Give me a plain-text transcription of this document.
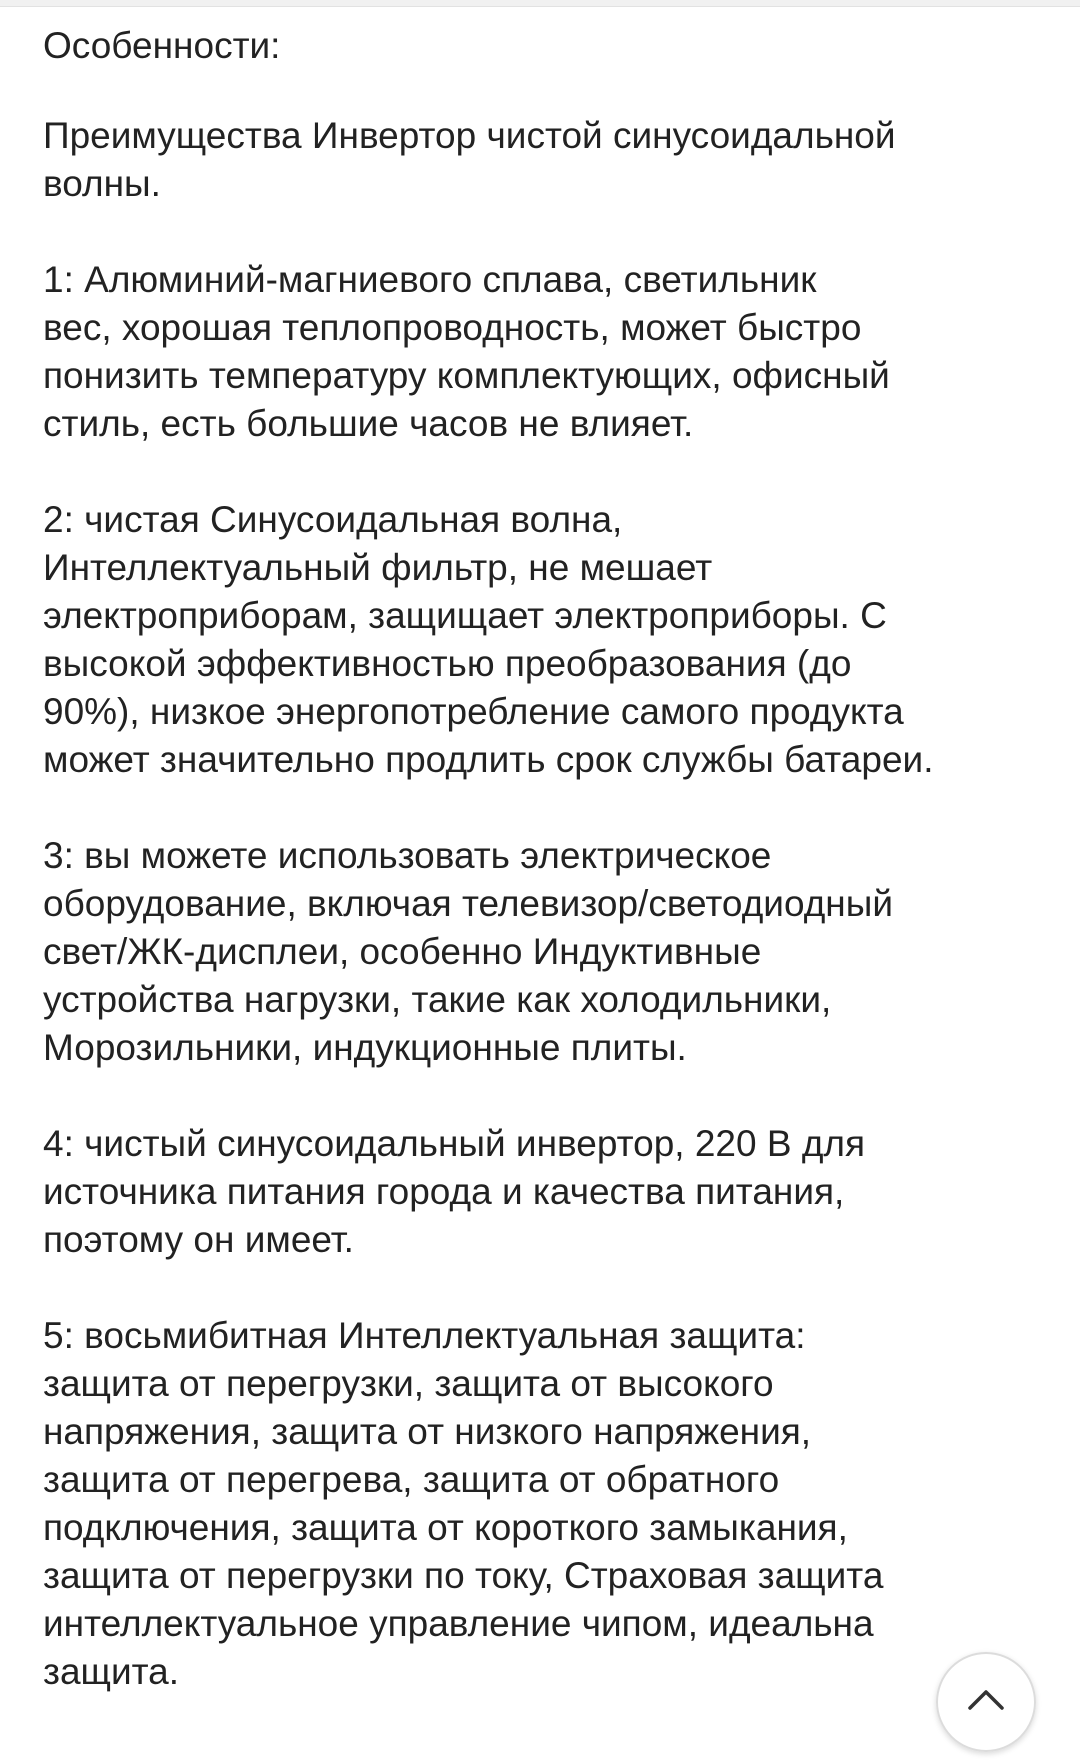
Особенности:
Преимущества Инвертор чистой синусоидальной
волны.
1: Алюминий-магниевого сплава, светильник
вес, хорошая теплопроводность, может быстро
понизить температуру комплектующих, офисный
стиль, есть большие часов не влияет.
2: чистая Синусоидальная волна,
Интеллектуальный фильтр, не мешает
электроприборам, защищает электроприборы. С
высокой эффективностью преобразования (до
90%), низкое энергопотребление самого продукта
может значительно продлить срок службы батареи.
3: вы можете использовать электрическое
оборудование, включая телевизор/светодиодный
свет/ЖК-дисплеи, особенно Индуктивные
устройства нагрузки, такие как холодильники,
Морозильники, индукционные плиты.
4: чистый синусоидальный инвертор, 220 В для
источника питания города и качества питания,
поэтому он имеет.
5: восьмибитная Интеллектуальная защита:
защита от перегрузки, защита от высокого
напряжения, защита от низкого напряжения,
защита от перегрева, защита от обратного
подключения, защита от короткого замыкания,
защита от перегрузки по току, Страховая защита
интеллектуальное управление чипом, идеальна
защита.
